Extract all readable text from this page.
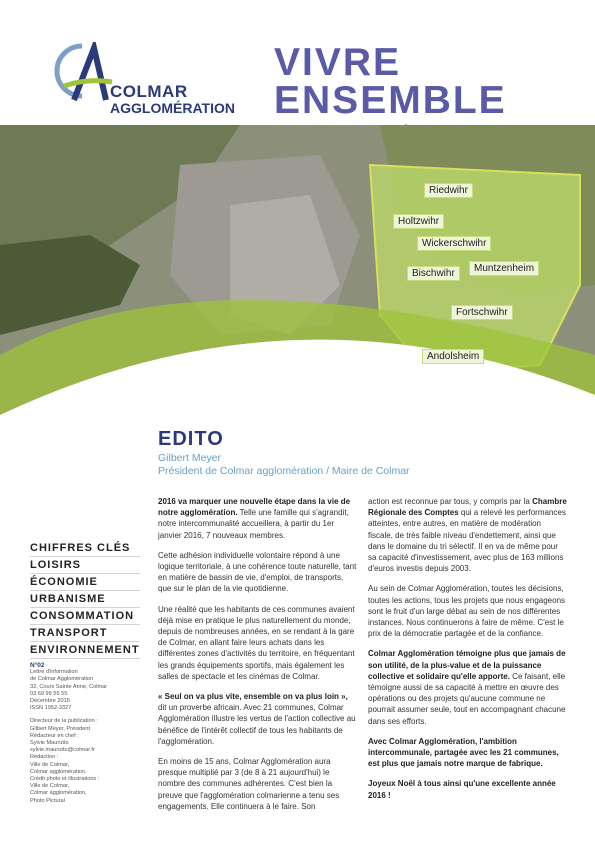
COLMAR
AGGLOMÉRATION
VIVRE
ENSEMBLE
Riedwihr
Holtzwihr
Wickerschwihr
Bischwihr	Muntzenheim
Fortschwihr
Andolsheim
EDITO
Gilbert Meyer
Président de Colmar agglomération / Maire de Colmar

2016 va marquer une nouvelle étape dans la vie de notre agglomération. Telle une famille qui s'agrandit, notre intercommunalité accueillera, à partir du 1er janvier 2016, 7 nouveaux membres.

Cette adhésion individuelle volontaire répond à une logique territoriale, à une cohérence toute naturelle, tant en matière de bassin de vie, d'emploi, de transports, que sur le plan de la vie quotidienne.

Une réalité que les habitants de ces communes avaient déjà mise en pratique le plus naturellement du monde, depuis de nombreuses années, en se rendant à la gare de Colmar, en allant faire leurs achats dans les différentes zones d'activités du territoire, en fréquentant les grands équipements sportifs, mais également les salles de spectacle et les cinémas de Colmar.

« Seul on va plus vite, ensemble on va plus loin », dit un proverbe africain. Avec 21 communes, Colmar Agglomération illustre les vertus de l'action collective au bénéfice de l'intérêt collectif de tous les habitants de l'agglomération.

En moins de 15 ans, Colmar Agglomération aura presque multiplié par 3 (de 8 à 21 aujourd'hui) le nombre des communes adhérentes. C'est bien la preuve que l'agglomération colmarienne a tenu ses engagements. Elle continuera à le faire. Son

action est reconnue par tous, y compris par la Chambre Régionale des Comptes qui a relevé les performances atteintes, entre autres, en matière de modération fiscale, de très faible niveau d'endettement, ainsi que dans le domaine du tri sélectif. Il en va de même pour sa capacité d'investissement, avec plus de 163 millions d'euros investis depuis 2003.

Au sein de Colmar Agglomération, toutes les décisions, toutes les actions, tous les projets que nous engageons sont le fruit d'un large débat au sein de nos différentes instances. Nous continuerons à faire de même. C'est le prix de la démocratie partagée et de la confiance.

Colmar Agglomération témoigne plus que jamais de son utilité, de la plus-value et de la puissance collective et solidaire qu'elle apporte. Ce faisant, elle témoigne aussi de sa capacité à mettre en œuvre des opérations ou des projets qu'aucune commune ne pourrait assumer seule, tout en accompagnant chacune dans ses efforts.

Avec Colmar Agglomération, l'ambition intercommunale, partagée avec les 21 communes, est plus que jamais notre marque de fabrique.

Joyeux Noël à tous ainsi qu'une excellente année 2016 !

CHIFFRES CLÉS
LOISIRS
ÉCONOMIE
URBANISME
CONSOMMATION
TRANSPORT
ENVIRONNEMENT
N°02
Lettre d'information
de Colmar Agglomération
32, Cours Sainte Anne, Colmar
03 69 99 55 55
Décembre 2015
ISSN 1952-3327
Directeur de la publication :
Gilbert Meyer, Président
Rédacteur en chef :
Sylvie Maurutto
sylvie.maurutto@colmar.fr
Rédaction :
Ville de Colmar,
Colmar agglomération.
Crédit photo et illustrations :
Ville de Colmar,
Colmar agglomération,
Photo Pictural
